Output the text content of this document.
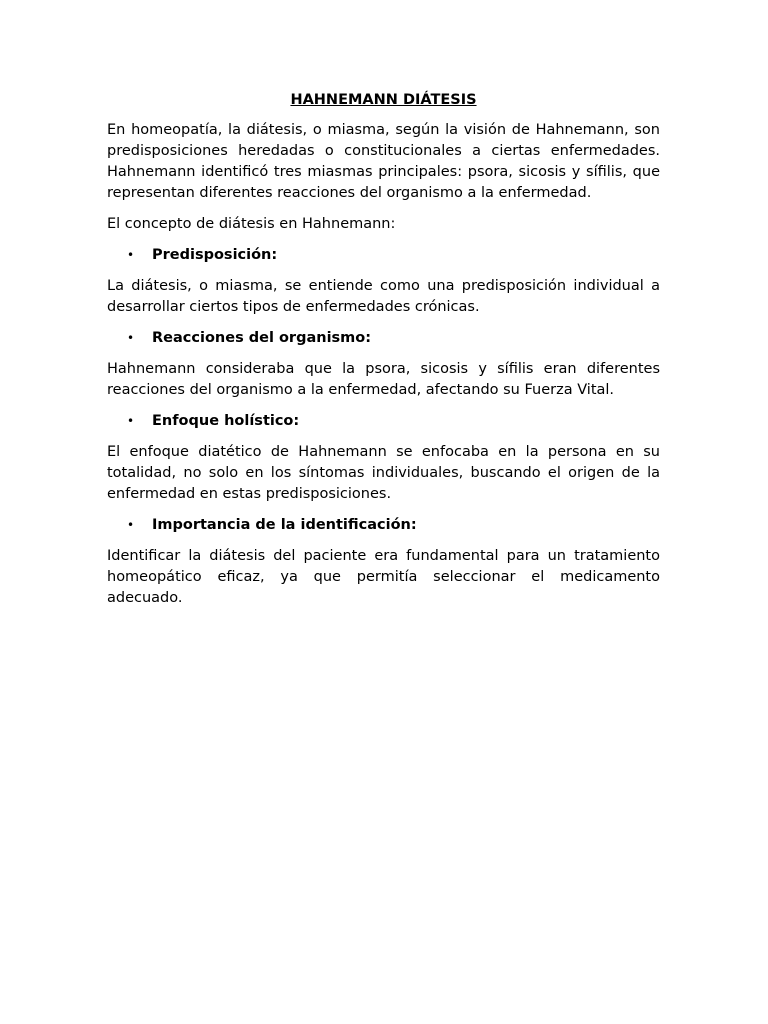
HAHNEMANN DIÁTESIS

En homeopatía, la diátesis, o miasma, según la visión de Hahnemann, son predisposiciones heredadas o constitucionales a ciertas enfermedades. Hahnemann identificó tres miasmas principales: psora, sicosis y sífilis, que representan diferentes reacciones del organismo a la enfermedad.

El concepto de diátesis en Hahnemann:

• Predisposición:

La diátesis, o miasma, se entiende como una predisposición individual a desarrollar ciertos tipos de enfermedades crónicas.

• Reacciones del organismo:

Hahnemann consideraba que la psora, sicosis y sífilis eran diferentes reacciones del organismo a la enfermedad, afectando su Fuerza Vital.

• Enfoque holístico:

El enfoque diatético de Hahnemann se enfocaba en la persona en su totalidad, no solo en los síntomas individuales, buscando el origen de la enfermedad en estas predisposiciones.

• Importancia de la identificación:

Identificar la diátesis del paciente era fundamental para un tratamiento homeopático eficaz, ya que permitía seleccionar el medicamento adecuado.
